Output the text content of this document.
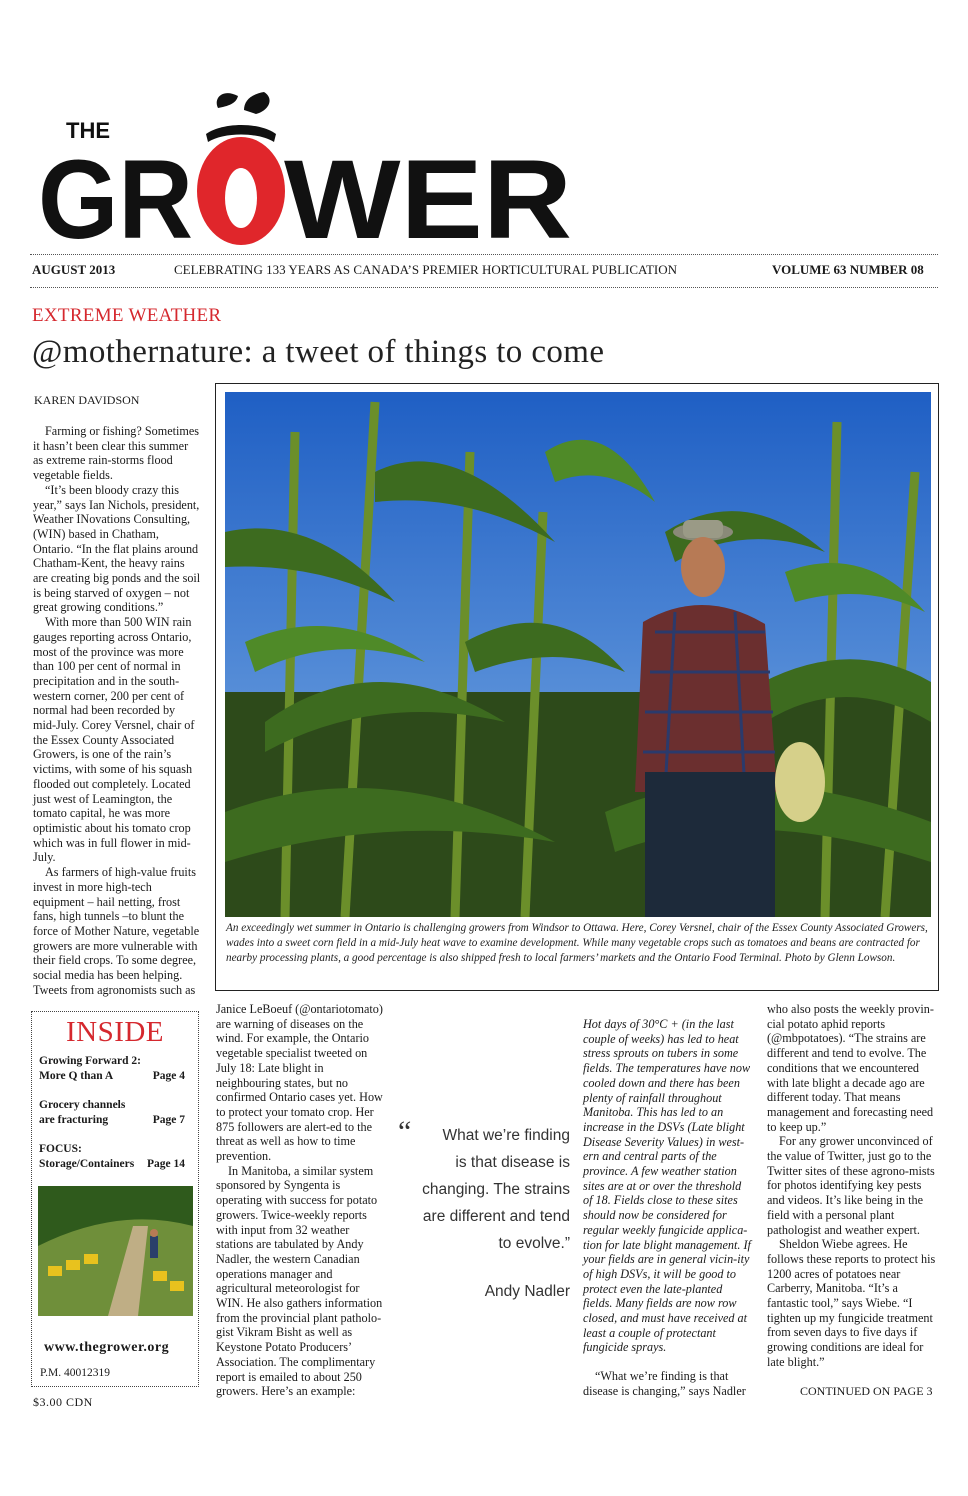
THE
GR WER
AUGUST 2013	CELEBRATING 133 YEARS AS CANADA’S PREMIER HORTICULTURAL PUBLICATION	VOLUME 63 NUMBER 08
EXTREME WEATHER
@mothernature: a tweet of things to come
KAREN DAVIDSON

Farming or fishing? Sometimes it hasn’t been clear this summer as extreme rain-storms flood vegetable fields.

“It’s been bloody crazy this year,” says Ian Nichols, president, Weather INovations Consulting, (WIN) based in Chatham, Ontario. “In the flat plains around Chatham-Kent, the heavy rains are creating big ponds and the soil is being starved of oxygen – not great growing conditions.”

With more than 500 WIN rain gauges reporting across Ontario, most of the province was more than 100 per cent of normal in precipitation and in the south-western corner, 200 per cent of normal had been recorded by mid-July. Corey Versnel, chair of the Essex County Associated Growers, is one of the rain’s victims, with some of his squash flooded out completely. Located just west of Leamington, the tomato capital, he was more optimistic about his tomato crop which was in full flower in mid-July.

As farmers of high-value fruits invest in more high-tech equipment – hail netting, frost fans, high tunnels –to blunt the force of Mother Nature, vegetable growers are more vulnerable with their field crops. To some degree, social media has been helping. Tweets from agronomists such as

An exceedingly wet summer in Ontario is challenging growers from Windsor to Ottawa. Here, Corey Versnel, chair of the Essex County Associated Growers, wades into a sweet corn field in a mid-July heat wave to examine development. While many vegetable crops such as tomatoes and beans are contracted for nearby processing plants, a good percentage is also shipped fresh to local farmers’ markets and the Ontario Food Terminal. Photo by Glenn Lowson.
INSIDE
Growing Forward 2:
More Q than A	Page 4
Grocery channels
are fracturing	Page 7
FOCUS:
Storage/Containers	Page 14
www.thegrower.org
P.M. 40012319
$3.00 CDN

Janice LeBoeuf (@ontariotomato) are warning of diseases on the wind. For example, the Ontario vegetable specialist tweeted on July 18: Late blight in neighbouring states, but no confirmed Ontario cases yet. How to protect your tomato crop. Her 875 followers are alert-ed to the threat as well as how to time prevention.

In Manitoba, a similar system sponsored by Syngenta is operating with success for potato growers. Twice-weekly reports with input from 32 weather stations are tabulated by Andy Nadler, the western Canadian operations manager and agricultural meteorologist for WIN. He also gathers information from the provincial plant patholo-gist Vikram Bisht as well as Keystone Potato Producers’ Association. The complimentary report is emailed to about 250 growers. Here’s an example:

“	What we’re finding
is that disease is
changing. The strains
are different and tend
to evolve.”
Andy Nadler

Hot days of 30°C + (in the last couple of weeks) has led to heat stress sprouts on tubers in some fields. The temperatures have now cooled down and there has been plenty of rainfall throughout Manitoba. This has led to an increase in the DSVs (Late blight Disease Severity Values) in west-ern and central parts of the province. A few weather station sites are at or over the threshold of 18. Fields close to these sites should now be considered for regular weekly fungicide applica-tion for late blight management. If your fields are in general vicin-ity of high DSVs, it will be good to protect even the late-planted fields. Many fields are now row closed, and must have received at least a couple of protectant fungicide sprays.

“What we’re finding is that disease is changing,” says Nadler

who also posts the weekly provin-cial potato aphid reports (@mbpotatoes). “The strains are different and tend to evolve. The conditions that we encountered with late blight a decade ago are different today. That means management and forecasting need to keep up.”

For any grower unconvinced of the value of Twitter, just go to the Twitter sites of these agrono-mists for photos identifying key pests and videos. It’s like being in the field with a personal plant pathologist and weather expert.

Sheldon Wiebe agrees. He follows these reports to protect his 1200 acres of potatoes near Carberry, Manitoba. “It’s a fantastic tool,” says Wiebe. “I tighten up my fungicide treatment from seven days to five days if growing conditions are ideal for late blight.”

CONTINUED ON PAGE 3
